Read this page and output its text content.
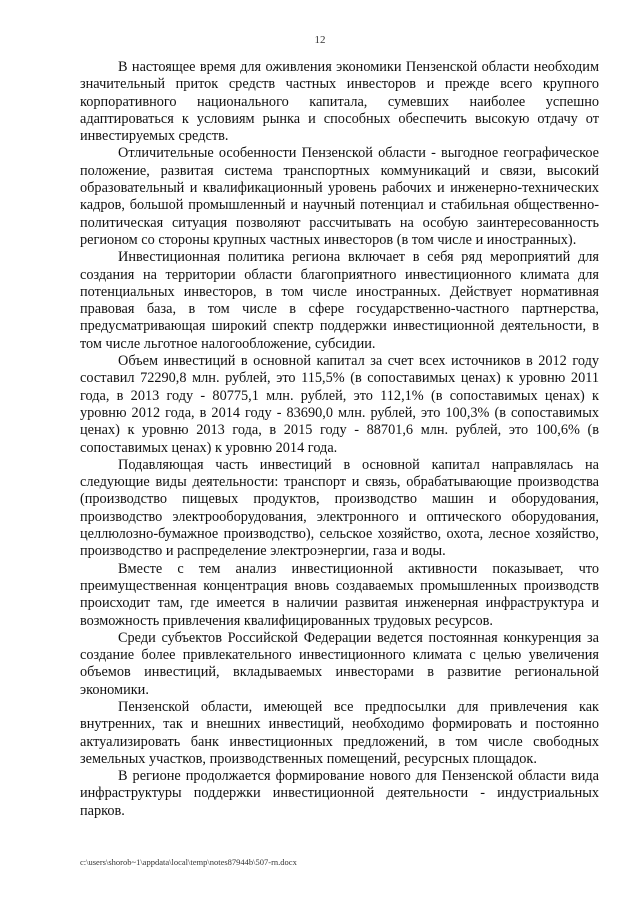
12

В настоящее время для оживления экономики Пензенской области необходим значительный приток средств частных инвесторов и прежде всего крупного корпоративного национального капитала, сумевших наиболее успешно адаптироваться к условиям рынка и способных обеспечить высокую отдачу от инвестируемых средств.

Отличительные особенности Пензенской области - выгодное географическое положение, развитая система транспортных коммуникаций и связи, высокий образовательный и квалификационный уровень рабочих и инженерно-технических кадров, большой промышленный и научный потенциал и стабильная общественно-политическая ситуация позволяют рассчитывать на особую заинтересованность регионом со стороны крупных частных инвесторов (в том числе и иностранных).

Инвестиционная политика региона включает в себя ряд мероприятий для создания на территории области благоприятного инвестиционного климата для потенциальных инвесторов, в том числе иностранных. Действует нормативная правовая база, в том числе в сфере государственно-частного партнерства, предусматривающая широкий спектр поддержки инвестиционной деятельности, в том числе льготное налогообложение, субсидии.

Объем инвестиций в основной капитал за счет всех источников в 2012 году составил 72290,8 млн. рублей, это 115,5% (в сопоставимых ценах) к уровню 2011 года, в 2013 году - 80775,1 млн. рублей, это 112,1% (в сопоставимых ценах) к уровню 2012 года, в 2014 году - 83690,0 млн. рублей, это 100,3% (в сопоставимых ценах) к уровню 2013 года, в 2015 году - 88701,6 млн. рублей, это 100,6% (в сопоставимых ценах) к уровню 2014 года.

Подавляющая часть инвестиций в основной капитал направлялась на следующие виды деятельности: транспорт и связь, обрабатывающие производства (производство пищевых продуктов, производство машин и оборудования, производство электрооборудования, электронного и оптического оборудования, целлюлозно-бумажное производство), сельское хозяйство, охота, лесное хозяйство, производство и распределение электроэнергии, газа и воды.

Вместе с тем анализ инвестиционной активности показывает, что преимущественная концентрация вновь создаваемых промышленных производств происходит там, где имеется в наличии развитая инженерная инфраструктура и возможность привлечения квалифицированных трудовых ресурсов.

Среди субъектов Российской Федерации ведется постоянная конкуренция за создание более привлекательного инвестиционного климата с целью увеличения объемов инвестиций, вкладываемых инвесторами в развитие региональной экономики.

Пензенской области, имеющей все предпосылки для привлечения как внутренних, так и внешних инвестиций, необходимо формировать и постоянно актуализировать банк инвестиционных предложений, в том числе свободных земельных участков, производственных помещений, ресурсных площадок.

В регионе продолжается формирование нового для Пензенской области вида инфраструктуры поддержки инвестиционной деятельности - индустриальных парков.

c:\users\shorob~1\appdata\local\temp\notes87944b\507-rn.docx
